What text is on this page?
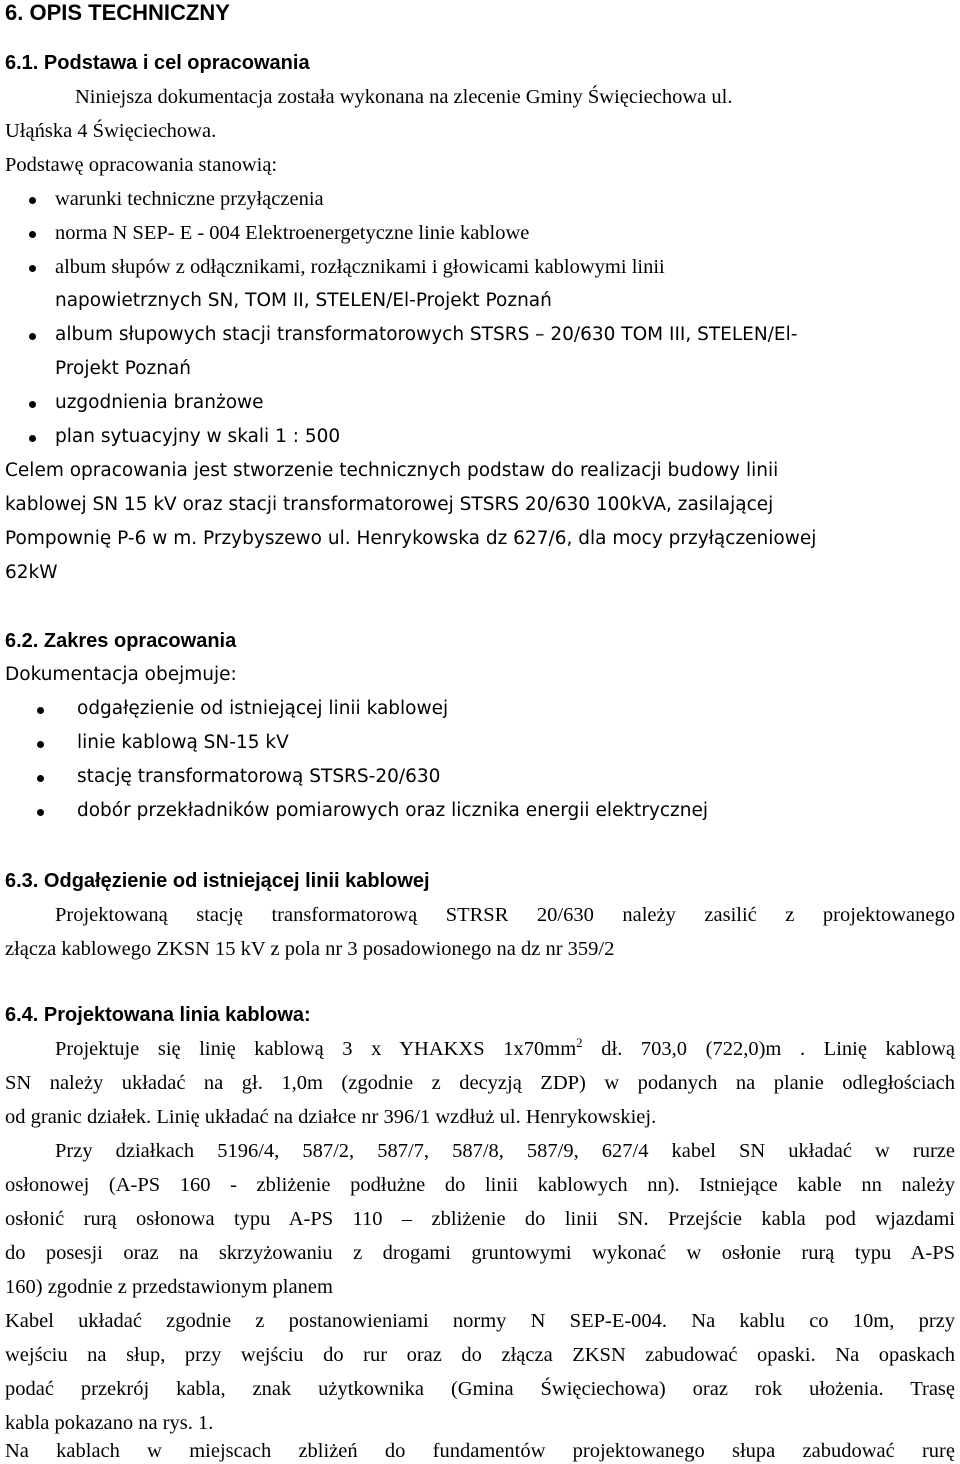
6. OPIS TECHNICZNY
6.1. Podstawa i cel opracowania
Niniejsza dokumentacja została wykonana na zlecenie Gminy Święciechowa ul.
Ułąńska 4 Święciechowa.
Podstawę opracowania stanowią:
warunki techniczne przyłączenia
norma N SEP- E - 004 Elektroenergetyczne linie kablowe
album słupów z odłącznikami, rozłącznikami i głowicami kablowymi linii
napowietrznych SN, TOM II, STELEN/El-Projekt Poznań
album słupowych stacji transformatorowych STSRS – 20/630 TOM III, STELEN/El-
Projekt Poznań
uzgodnienia branżowe
plan sytuacyjny w skali 1 : 500
Celem opracowania jest stworzenie technicznych podstaw do realizacji budowy linii
kablowej SN 15 kV oraz stacji transformatorowej STSRS 20/630 100kVA, zasilającej
Pompownię P-6 w m. Przybyszewo ul. Henrykowska dz 627/6, dla mocy przyłączeniowej
62kW
6.2. Zakres opracowania
Dokumentacja obejmuje:
odgałęzienie od istniejącej linii kablowej
linie kablową SN-15 kV
stację transformatorową STSRS-20/630
dobór przekładników pomiarowych oraz licznika energii elektrycznej
6.3. Odgałęzienie od istniejącej linii kablowej
Projektowaną stację transformatorową STRSR 20/630 należy zasilić z projektowanego
złącza kablowego ZKSN 15 kV z pola nr 3 posadowionego na dz nr 359/2
6.4. Projektowana linia kablowa:
Projektuje się linię kablową 3 x YHAKXS $1x70mm^2$ dł. 703,0 (722,0)m . Linię kablową
SN należy układać na gł. 1,0m (zgodnie z decyzją ZDP) w podanych na planie odległościach
od granic działek. Linię układać na działce nr 396/1 wzdłuż ul. Henrykowskiej.
Przy działkach 5196/4, 587/2, 587/7, 587/8, 587/9, 627/4 kabel SN układać w rurze
osłonowej (A-PS 160 - zbliżenie podłużne do linii kablowych nn). Istniejące kable nn należy
osłonić rurą osłonowa typu A-PS 110 – zbliżenie do linii SN. Przejście kabla pod wjazdami
do posesji oraz na skrzyżowaniu z drogami gruntowymi wykonać w osłonie rurą typu A-PS
160) zgodnie z przedstawionym planem
Kabel układać zgodnie z postanowieniami normy N SEP-E-004. Na kablu co 10m, przy
wejściu na słup, przy wejściu do rur oraz do złącza ZKSN zabudować opaski. Na opaskach
podać przekrój kabla, znak użytkownika (Gmina Święciechowa) oraz rok ułożenia. Trasę
kabla pokazano na rys. 1.
Na kablach w miejscach zbliżeń do fundamentów projektowanego słupa zabudować rurę
